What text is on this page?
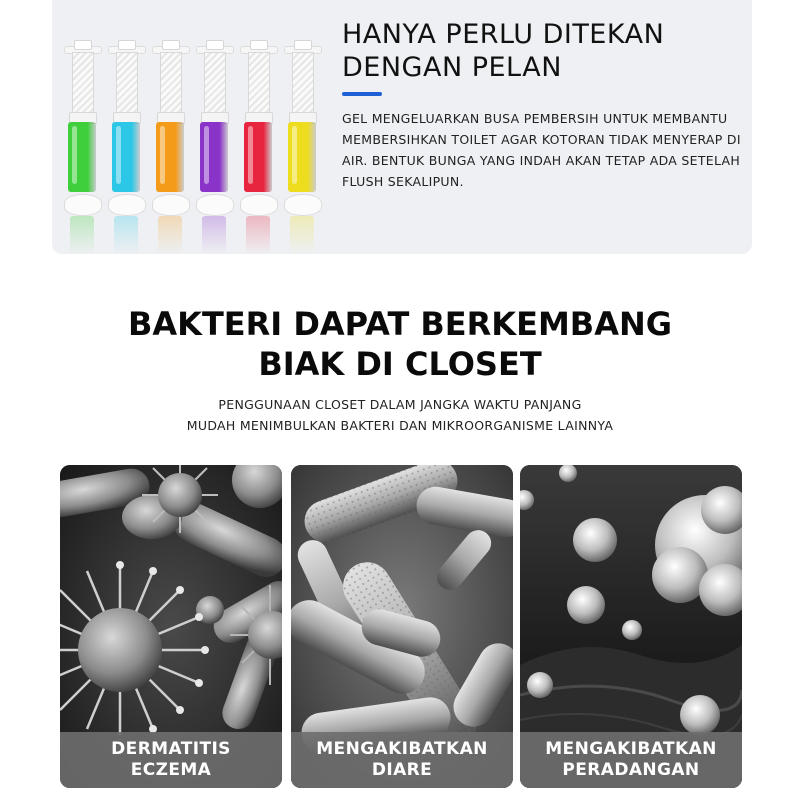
HANYA PERLU DITEKAN
DENGAN PELAN

GEL MENGELUARKAN BUSA PEMBERSIH UNTUK MEMBANTU MEMBERSIHKAN TOILET AGAR KOTORAN TIDAK MENYERAP DI AIR. BENTUK BUNGA YANG INDAH AKAN TETAP ADA SETELAH FLUSH SEKALIPUN.

BAKTERI DAPAT BERKEMBANG
BIAK DI CLOSET
PENGGUNAAN CLOSET DALAM JANGKA WAKTU PANJANG
MUDAH MENIMBULKAN BAKTERI DAN MIKROORGANISME LAINNYA
DERMATITIS
ECZEMA
MENGAKIBATKAN
DIARE
MENGAKIBATKAN
PERADANGAN
